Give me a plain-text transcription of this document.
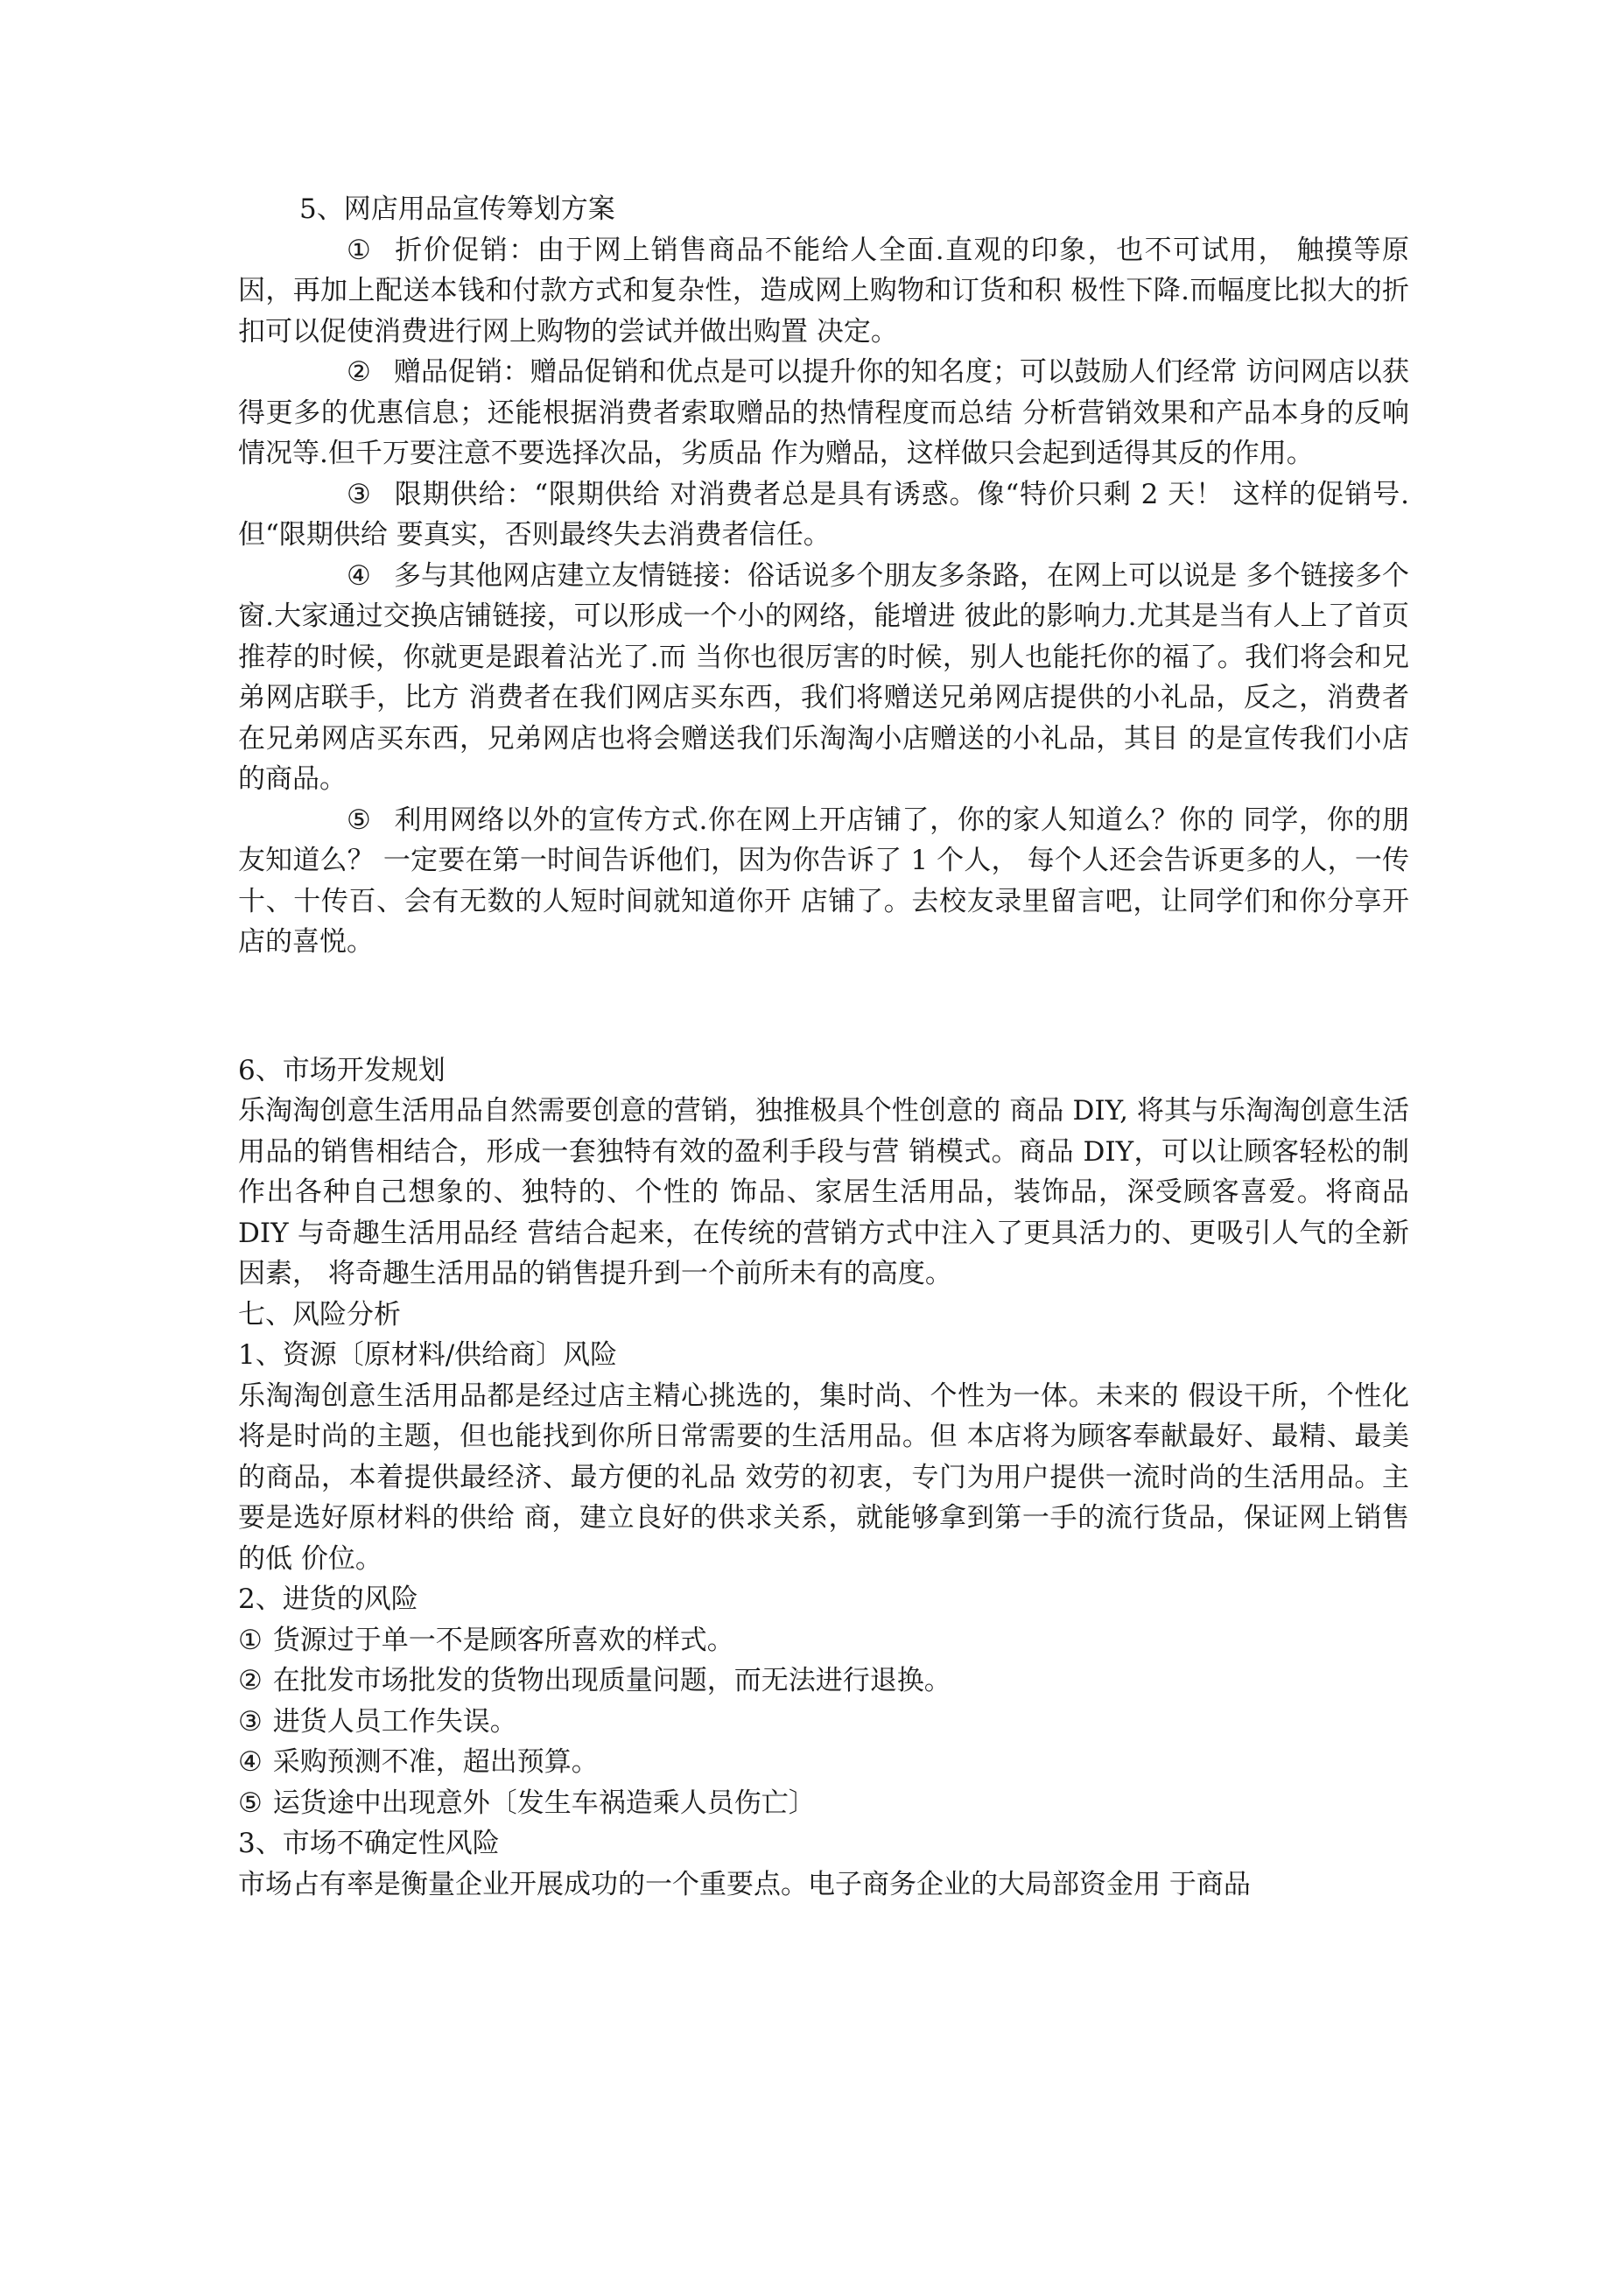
5、网店用品宣传筹划方案

① 折价促销：由于网上销售商品不能给人全面.直观的印象，也不可试用， 触摸等原因，再加上配送本钱和付款方式和复杂性，造成网上购物和订货和积 极性下降.而幅度比拟大的折扣可以促使消费进行网上购物的尝试并做出购置 决定。

② 赠品促销：赠品促销和优点是可以提升你的知名度；可以鼓励人们经常 访问网店以获得更多的优惠信息；还能根据消费者索取赠品的热情程度而总结 分析营销效果和产品本身的反响情况等.但千万要注意不要选择次品，劣质品 作为赠品，这样做只会起到适得其反的作用。

③ 限期供给：“限期供给 对消费者总是具有诱惑。像“特价只剩 2 天！ 这样的促销号.但“限期供给 要真实，否则最终失去消费者信任。

④ 多与其他网店建立友情链接：俗话说多个朋友多条路，在网上可以说是 多个链接多个窗.大家通过交换店铺链接，可以形成一个小的网络，能增进 彼此的影响力.尤其是当有人上了首页推荐的时候，你就更是跟着沾光了.而 当你也很厉害的时候，别人也能托你的福了。我们将会和兄弟网店联手，比方 消费者在我们网店买东西，我们将赠送兄弟网店提供的小礼品，反之，消费者 在兄弟网店买东西，兄弟网店也将会赠送我们乐淘淘小店赠送的小礼品，其目 的是宣传我们小店的商品。

⑤ 利用网络以外的宣传方式.你在网上开店铺了，你的家人知道么？你的 同学，你的朋友知道么？ 一定要在第一时间告诉他们，因为你告诉了 1 个人， 每个人还会告诉更多的人，一传十、十传百、会有无数的人短时间就知道你开 店铺了。去校友录里留言吧，让同学们和你分享开店的喜悦。

6、市场开发规划

乐淘淘创意生活用品自然需要创意的营销，独推极具个性创意的 商品 DIY, 将其与乐淘淘创意生活用品的销售相结合，形成一套独特有效的盈利手段与营 销模式。商品 DIY，可以让顾客轻松的制作出各种自己想象的、独特的、个性的 饰品、家居生活用品，装饰品，深受顾客喜爱。将商品 DIY 与奇趣生活用品经 营结合起来，在传统的营销方式中注入了更具活力的、更吸引人气的全新因素， 将奇趣生活用品的销售提升到一个前所未有的高度。

七、风险分析

1、资源〔原材料/供给商〕风险

乐淘淘创意生活用品都是经过店主精心挑选的，集时尚、个性为一体。未来的 假设干所，个性化将是时尚的主题，但也能找到你所日常需要的生活用品。但 本店将为顾客奉献最好、最精、最美的商品，本着提供最经济、最方便的礼品 效劳的初衷，专门为用户提供一流时尚的生活用品。主要是选好原材料的供给 商，建立良好的供求关系，就能够拿到第一手的流行货品，保证网上销售的低 价位。

2、进货的风险

① 货源过于单一不是顾客所喜欢的样式。

② 在批发市场批发的货物出现质量问题，而无法进行退换。

③ 进货人员工作失误。

④ 采购预测不准，超出预算。

⑤ 运货途中出现意外〔发生车祸造乘人员伤亡〕

3、市场不确定性风险

市场占有率是衡量企业开展成功的一个重要点。电子商务企业的大局部资金用 于商品
